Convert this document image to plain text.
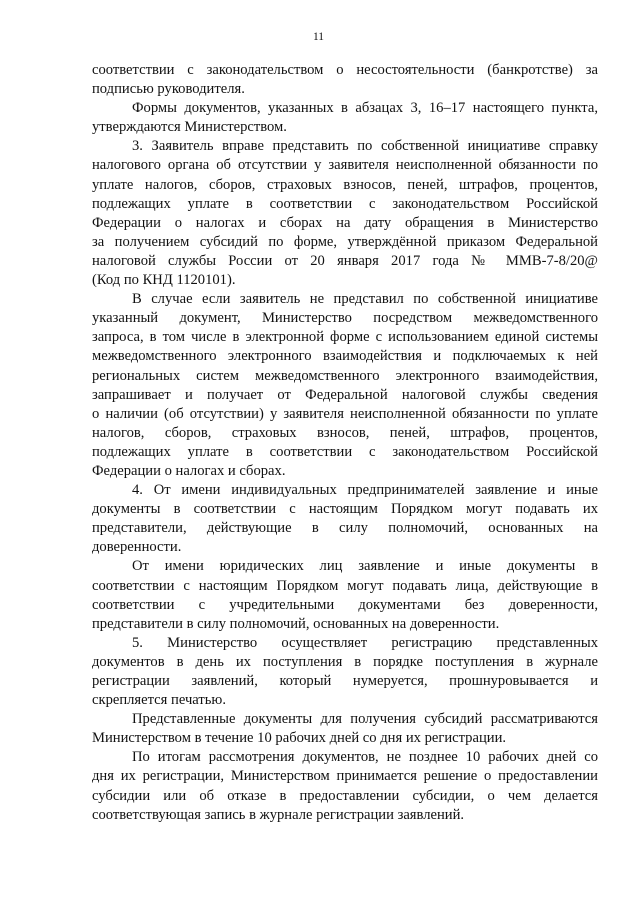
11

соответствии с законодательством о несостоятельности (банкротстве) за
подписью руководителя.

Формы документов, указанных в абзацах 3, 16–17 настоящего пункта,
утверждаются Министерством.

3. Заявитель вправе представить по собственной инициативе справку
налогового органа об отсутствии у заявителя неисполненной обязанности по
уплате налогов, сборов, страховых взносов, пеней, штрафов, процентов,
подлежащих уплате в соответствии с законодательством Российской
Федерации о налогах и сборах на дату обращения в Министерство
за получением субсидий по форме, утверждённой приказом Федеральной
налоговой службы России от 20 января 2017 года № ММВ-7-8/20@
(Код по КНД 1120101).

В случае если заявитель не представил по собственной инициативе
указанный документ, Министерство посредством межведомственного
запроса, в том числе в электронной форме с использованием единой системы
межведомственного электронного взаимодействия и подключаемых к ней
региональных систем межведомственного электронного взаимодействия,
запрашивает и получает от Федеральной налоговой службы сведения
о наличии (об отсутствии) у заявителя неисполненной обязанности по уплате
налогов, сборов, страховых взносов, пеней, штрафов, процентов,
подлежащих уплате в соответствии с законодательством Российской
Федерации о налогах и сборах.

4. От имени индивидуальных предпринимателей заявление и иные
документы в соответствии с настоящим Порядком могут подавать их
представители, действующие в силу полномочий, основанных на
доверенности.

От имени юридических лиц заявление и иные документы в
соответствии с настоящим Порядком могут подавать лица, действующие в
соответствии с учредительными документами без доверенности,
представители в силу полномочий, основанных на доверенности.

5. Министерство осуществляет регистрацию представленных
документов в день их поступления в порядке поступления в журнале
регистрации заявлений, который нумеруется, прошнуровывается и
скрепляется печатью.

Представленные документы для получения субсидий рассматриваются
Министерством в течение 10 рабочих дней со дня их регистрации.

По итогам рассмотрения документов, не позднее 10 рабочих дней со
дня их регистрации, Министерством принимается решение о предоставлении
субсидии или об отказе в предоставлении субсидии, о чем делается
соответствующая запись в журнале регистрации заявлений.
